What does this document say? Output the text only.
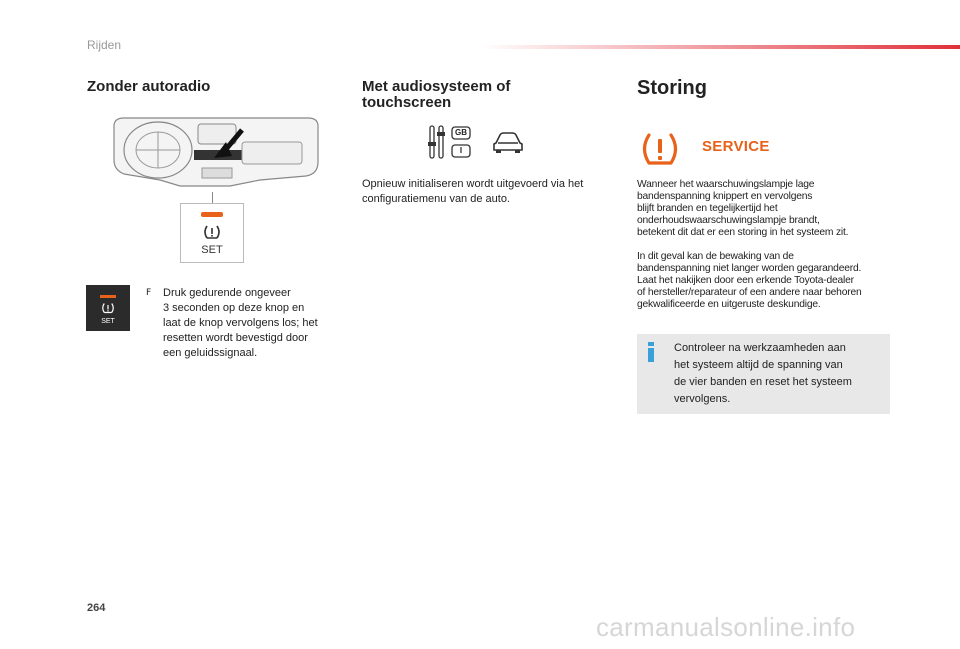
Rijden
Zonder autoradio
SET
SET
F Druk gedurende ongeveer
3 seconden op deze knop en
laat de knop vervolgens los; het
resetten wordt bevestigd door
een geluidssignaal.
Met audiosysteem of
touchscreen
GB
I
Opnieuw initialiseren wordt uitgevoerd via het
configuratiemenu van de auto.
Storing
SERVICE
Wanneer het waarschuwingslampje lage
bandenspanning knippert en vervolgens
blijft branden en tegelijkertijd het
onderhoudswaarschuwingslampje brandt,
betekent dit dat er een storing in het systeem zit.
In dit geval kan de bewaking van de
bandenspanning niet langer worden gegarandeerd.
Laat het nakijken door een erkende Toyota-dealer
of hersteller/reparateur of een andere naar behoren
gekwalificeerde en uitgeruste deskundige.
Controleer na werkzaamheden aan
het systeem altijd de spanning van
de vier banden en reset het systeem
vervolgens.
264
carmanualsonline.info
